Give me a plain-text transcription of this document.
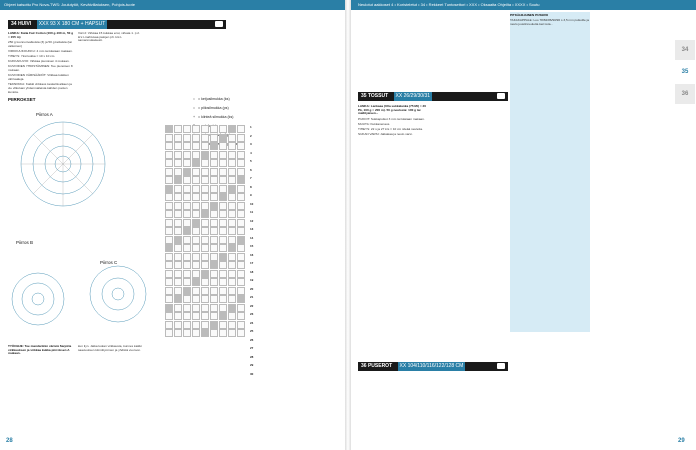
Ohjeet katsottu Pro Nova-TWS: Joulutytöt, Kevätvillatuksen, Pohjois-tuote	Neulotut aakkoset 4 • Koristeletut • 34 • Rekkeet Tuntosettori • XXX • Oksaaita Ohjeilta • XXXX • Soutu
34 HUIVI XXX 93 X 180 CM + HAPSUT

LANKA: Katia Fair Cotton (100 g-100 m, 50 g = 155 m)

250 g luonnonvalkoista (3) ja 50 g keltaista (tai valkoinen)

VIRKKUUKOUKKU: 4 mm tai käsiaan makaan.

TIHEYS: Yksi kukka = 10 x 10 cm.

KUKKAKUVIO: Virkkaa pienoisen 4 mukaan.

KUVIOIDEN YHDISTÄMINEN: Tee pienoisen 8 mukaan.

KUVIOIDEN VÄRISÄÄDÖT: Virkkaa kukkien väli kaaleja.

TEKNIIKKA: Kaikki virkkaus keskeltä alkaen ja vie vilkuluan yhdenmaileista kahden puolen kuviota.

PIIRROKSET
Piirros A
Piirros B
Piirros C
○ = ketjusilmukka (ks)
• = piilosilmukka (ps)
+ = kiinteä silmukka (ks)
1
2
3
4
5
6
7
8
9
10
11
12
13
14
15
16
17
18
19
20
21
22
23
24
25
26
27
28
29
30

TYÖOHJE: Tee mandariinin värisiä Sarjotta virkkuuksen ja virkkaa kukka piirroksen A mukaan.

Väri 2: Virkkaa 15 kukkaa ensi, virkata 1. p 2. krs:t-mahtuvaa palojen p3. krs:t-samanmukaisesti.

kun ilyn. Jatka kukan virkkausta, kunnes kaikki saavuuksen kiinnittyminen ja yhdistä vuoroon.

35 TOSSUT XX 26/29/30/31

LANKA: Lankaaa (Ulla sukkalanka (75 Mt) = 20 Pk, 100 g = 200 m). 50 g neulosta: 100 g tai mallityaisen...

PUIKOT: Sukkapuikot 3 mm tai käsiaan makaan.

MUUTA: Kukkanenaus.

TIHEYS: 22 s ja 27 krs = 10 cm sileää neuletta.

SUKAN VARSI: Jatkakaa ja neulo varsi.

36 PUSEROT XX 104/110/116/122/128 CM

PITKÄHIHAINEN PUSERO

TAKAKAPPALE: Luo 78/82/86/90/96 s 3,5 mm puikoille ja neulo joustinneuletta kerrosta...

34
35
36
28	29
